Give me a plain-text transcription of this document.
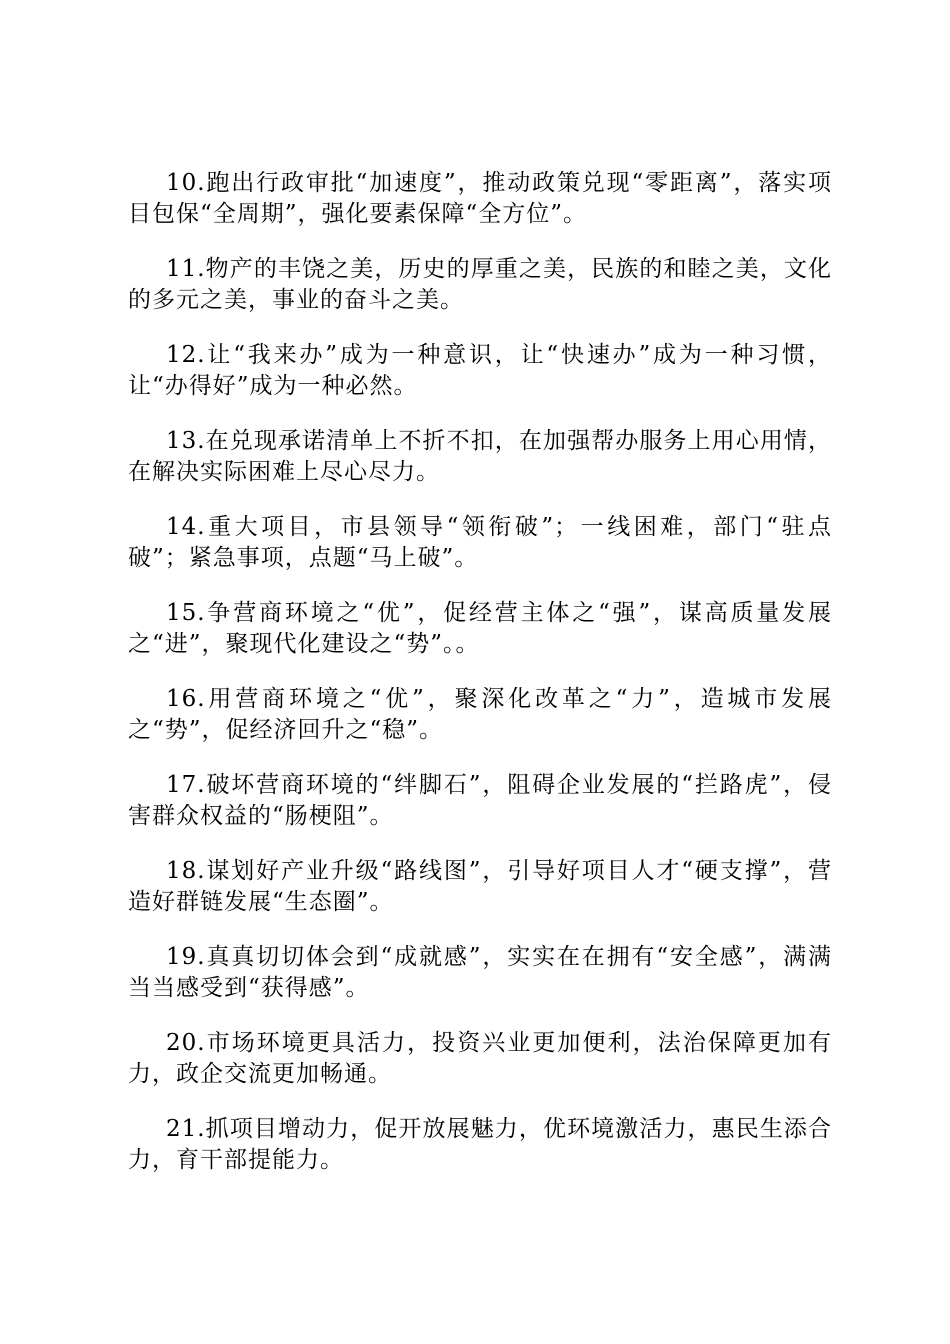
10.跑出行政审批“加速度”，推动政策兑现“零距离”，落实项目包保“全周期”，强化要素保障“全方位”。

11.物产的丰饶之美，历史的厚重之美，民族的和睦之美，文化的多元之美，事业的奋斗之美。

12.让“我来办”成为一种意识，让“快速办”成为一种习惯，让“办得好”成为一种必然。

13.在兑现承诺清单上不折不扣，在加强帮办服务上用心用情，在解决实际困难上尽心尽力。

14.重大项目，市县领导“领衔破”；一线困难，部门“驻点破”；紧急事项，点题“马上破”。

15.争营商环境之“优”，促经营主体之“强”，谋高质量发展之“进”，聚现代化建设之“势”。。

16.用营商环境之“优”，聚深化改革之“力”，造城市发展之“势”，促经济回升之“稳”。

17.破坏营商环境的“绊脚石”，阻碍企业发展的“拦路虎”，侵害群众权益的“肠梗阻”。

18.谋划好产业升级“路线图”，引导好项目人才“硬支撑”，营造好群链发展“生态圈”。

19.真真切切体会到“成就感”，实实在在拥有“安全感”，满满当当感受到“获得感”。

20.市场环境更具活力，投资兴业更加便利，法治保障更加有力，政企交流更加畅通。

21.抓项目增动力，促开放展魅力，优环境激活力，惠民生添合力，育干部提能力。
